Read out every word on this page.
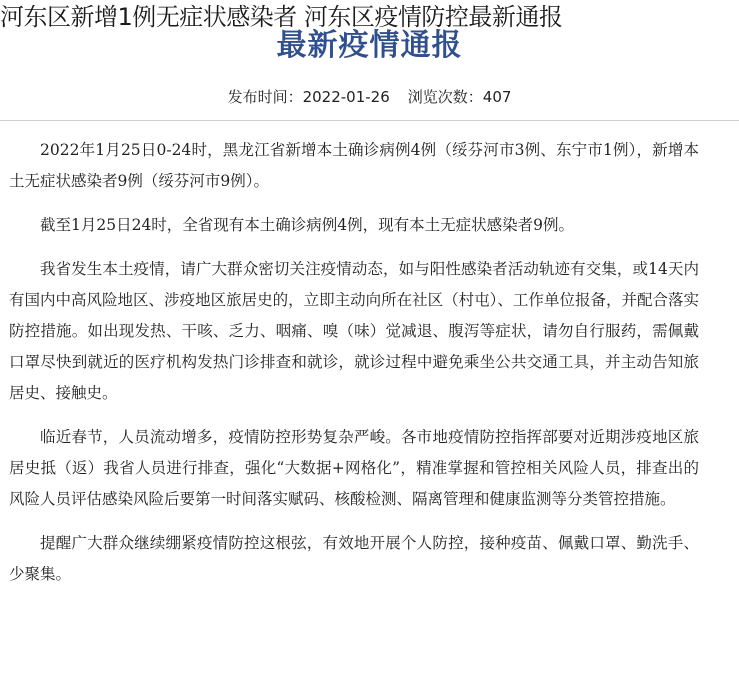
河东区新增1例无症状感染者 河东区疫情防控最新通报
最新疫情通报
发布时间：2022-01-26 浏览次数：407

2022年1月25日0-24时，黑龙江省新增本土确诊病例4例（绥芬河市3例、东宁市1例），新增本土无症状感染者9例（绥芬河市9例）。

截至1月25日24时，全省现有本土确诊病例4例，现有本土无症状感染者9例。

我省发生本土疫情，请广大群众密切关注疫情动态，如与阳性感染者活动轨迹有交集，或14天内有国内中高风险地区、涉疫地区旅居史的，立即主动向所在社区（村屯）、工作单位报备，并配合落实防控措施。如出现发热、干咳、乏力、咽痛、嗅（味）觉减退、腹泻等症状，请勿自行服药，需佩戴口罩尽快到就近的医疗机构发热门诊排查和就诊，就诊过程中避免乘坐公共交通工具，并主动告知旅居史、接触史。

临近春节，人员流动增多，疫情防控形势复杂严峻。各市地疫情防控指挥部要对近期涉疫地区旅居史抵（返）我省人员进行排查，强化“大数据+网格化”，精准掌握和管控相关风险人员，排查出的风险人员评估感染风险后要第一时间落实赋码、核酸检测、隔离管理和健康监测等分类管控措施。

提醒广大群众继续绷紧疫情防控这根弦，有效地开展个人防控，接种疫苗、佩戴口罩、勤洗手、少聚集。
